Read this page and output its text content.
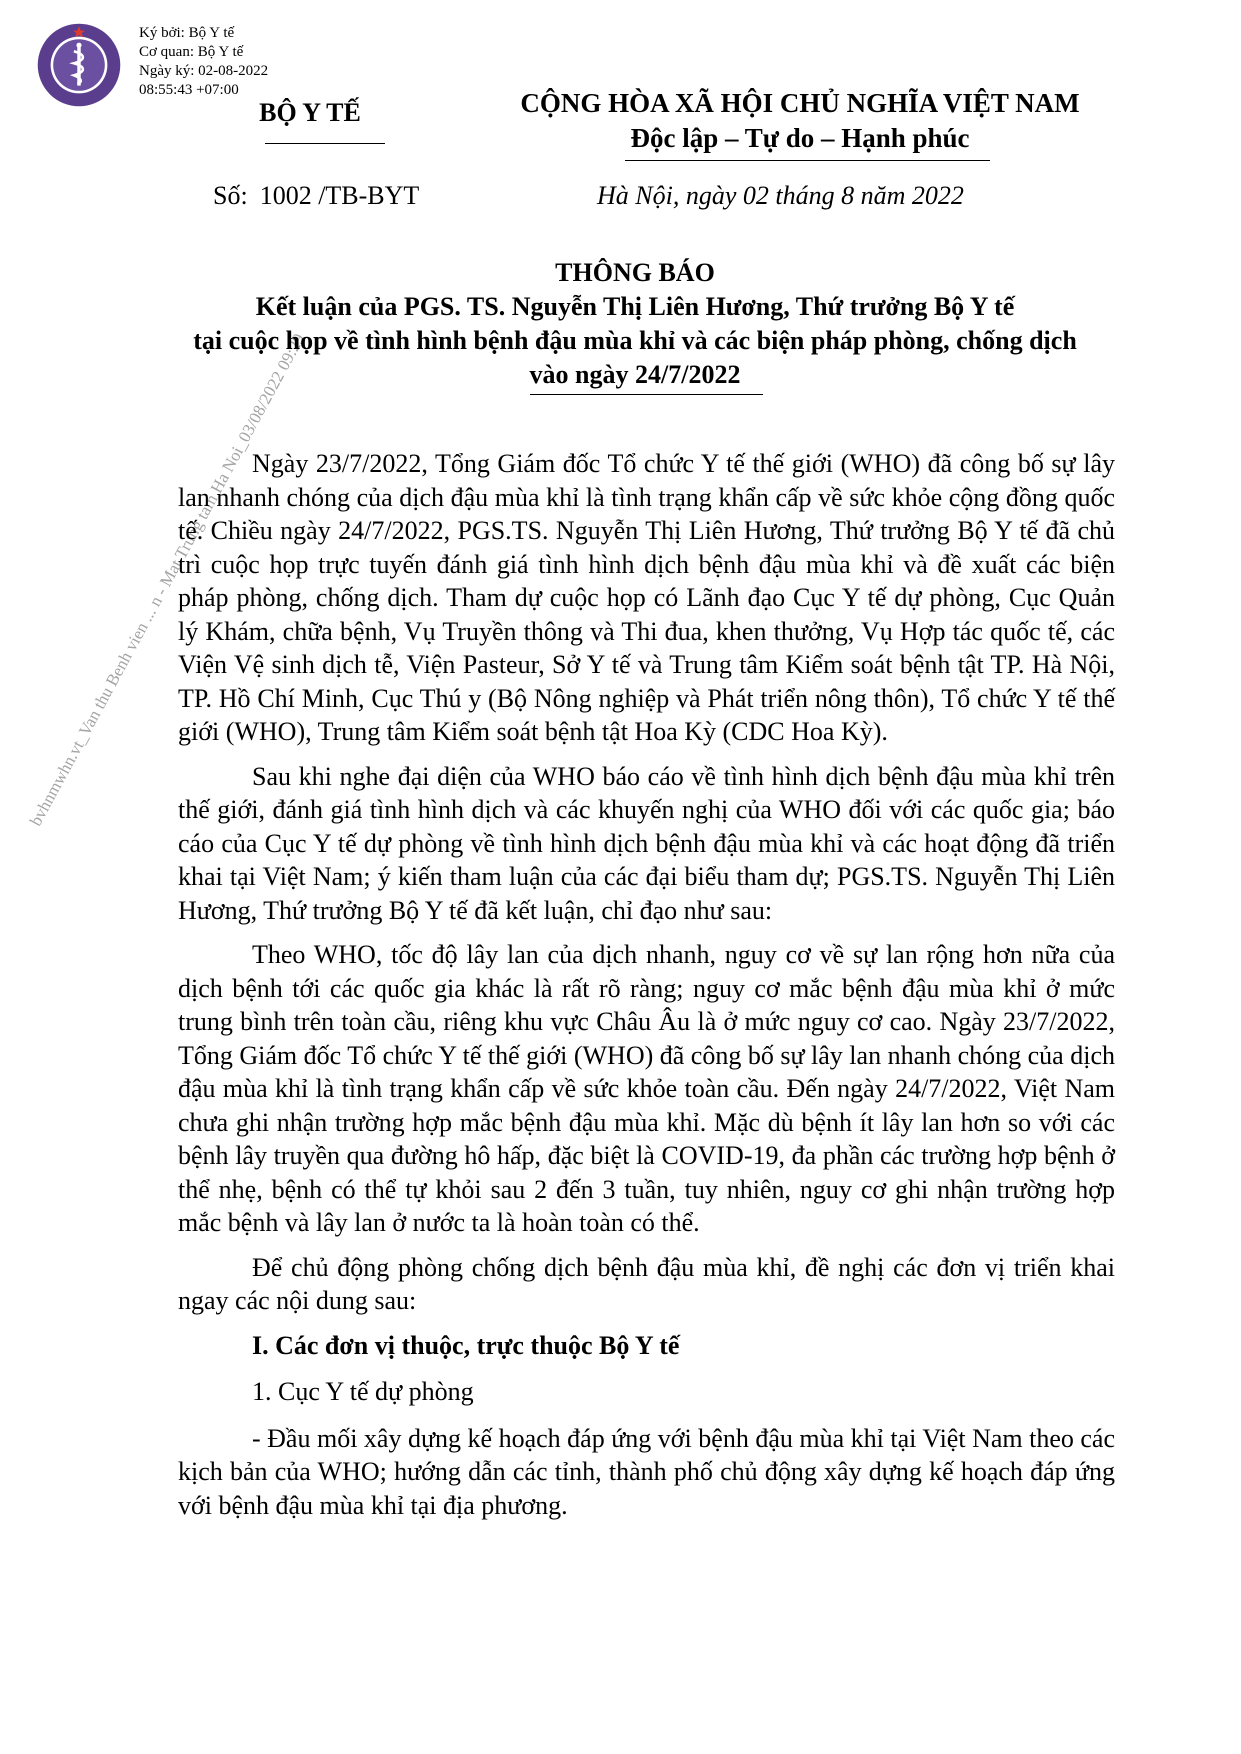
Ký bởi: Bộ Y tế
Cơ quan: Bộ Y tế
Ngày ký: 02-08-2022
08:55:43 +07:00
bvhnmwhn.vt_Van thu Benh vien ... n - Mat Trung tam Ha Noi_03/08/2022 09:29
BỘ Y TẾ	CỘNG HÒA XÃ HỘI CHỦ NGHĨA VIỆT NAM
Độc lập – Tự do – Hạnh phúc
Số: 1002 /TB-BYT	Hà Nội, ngày 02 tháng 8 năm 2022
THÔNG BÁO
Kết luận của PGS. TS. Nguyễn Thị Liên Hương, Thứ trưởng Bộ Y tế
tại cuộc họp về tình hình bệnh đậu mùa khỉ và các biện pháp phòng, chống dịch
vào ngày 24/7/2022

Ngày 23/7/2022, Tổng Giám đốc Tổ chức Y tế thế giới (WHO) đã công bố sự lây lan nhanh chóng của dịch đậu mùa khỉ là tình trạng khẩn cấp về sức khỏe cộng đồng quốc tế. Chiều ngày 24/7/2022, PGS.TS. Nguyễn Thị Liên Hương, Thứ trưởng Bộ Y tế đã chủ trì cuộc họp trực tuyến đánh giá tình hình dịch bệnh đậu mùa khỉ và đề xuất các biện pháp phòng, chống dịch. Tham dự cuộc họp có Lãnh đạo Cục Y tế dự phòng, Cục Quản lý Khám, chữa bệnh, Vụ Truyền thông và Thi đua, khen thưởng, Vụ Hợp tác quốc tế, các Viện Vệ sinh dịch tễ, Viện Pasteur, Sở Y tế và Trung tâm Kiểm soát bệnh tật TP. Hà Nội, TP. Hồ Chí Minh, Cục Thú y (Bộ Nông nghiệp và Phát triển nông thôn), Tổ chức Y tế thế giới (WHO), Trung tâm Kiểm soát bệnh tật Hoa Kỳ (CDC Hoa Kỳ).

Sau khi nghe đại diện của WHO báo cáo về tình hình dịch bệnh đậu mùa khỉ trên thế giới, đánh giá tình hình dịch và các khuyến nghị của WHO đối với các quốc gia; báo cáo của Cục Y tế dự phòng về tình hình dịch bệnh đậu mùa khỉ và các hoạt động đã triển khai tại Việt Nam; ý kiến tham luận của các đại biểu tham dự; PGS.TS. Nguyễn Thị Liên Hương, Thứ trưởng Bộ Y tế đã kết luận, chỉ đạo như sau:

Theo WHO, tốc độ lây lan của dịch nhanh, nguy cơ về sự lan rộng hơn nữa của dịch bệnh tới các quốc gia khác là rất rõ ràng; nguy cơ mắc bệnh đậu mùa khỉ ở mức trung bình trên toàn cầu, riêng khu vực Châu Âu là ở mức nguy cơ cao. Ngày 23/7/2022, Tổng Giám đốc Tổ chức Y tế thế giới (WHO) đã công bố sự lây lan nhanh chóng của dịch đậu mùa khỉ là tình trạng khẩn cấp về sức khỏe toàn cầu. Đến ngày 24/7/2022, Việt Nam chưa ghi nhận trường hợp mắc bệnh đậu mùa khỉ. Mặc dù bệnh ít lây lan hơn so với các bệnh lây truyền qua đường hô hấp, đặc biệt là COVID-19, đa phần các trường hợp bệnh ở thể nhẹ, bệnh có thể tự khỏi sau 2 đến 3 tuần, tuy nhiên, nguy cơ ghi nhận trường hợp mắc bệnh và lây lan ở nước ta là hoàn toàn có thể.

Để chủ động phòng chống dịch bệnh đậu mùa khỉ, đề nghị các đơn vị triển khai ngay các nội dung sau:

I. Các đơn vị thuộc, trực thuộc Bộ Y tế

1. Cục Y tế dự phòng

- Đầu mối xây dựng kế hoạch đáp ứng với bệnh đậu mùa khỉ tại Việt Nam theo các kịch bản của WHO; hướng dẫn các tỉnh, thành phố chủ động xây dựng kế hoạch đáp ứng với bệnh đậu mùa khỉ tại địa phương.
